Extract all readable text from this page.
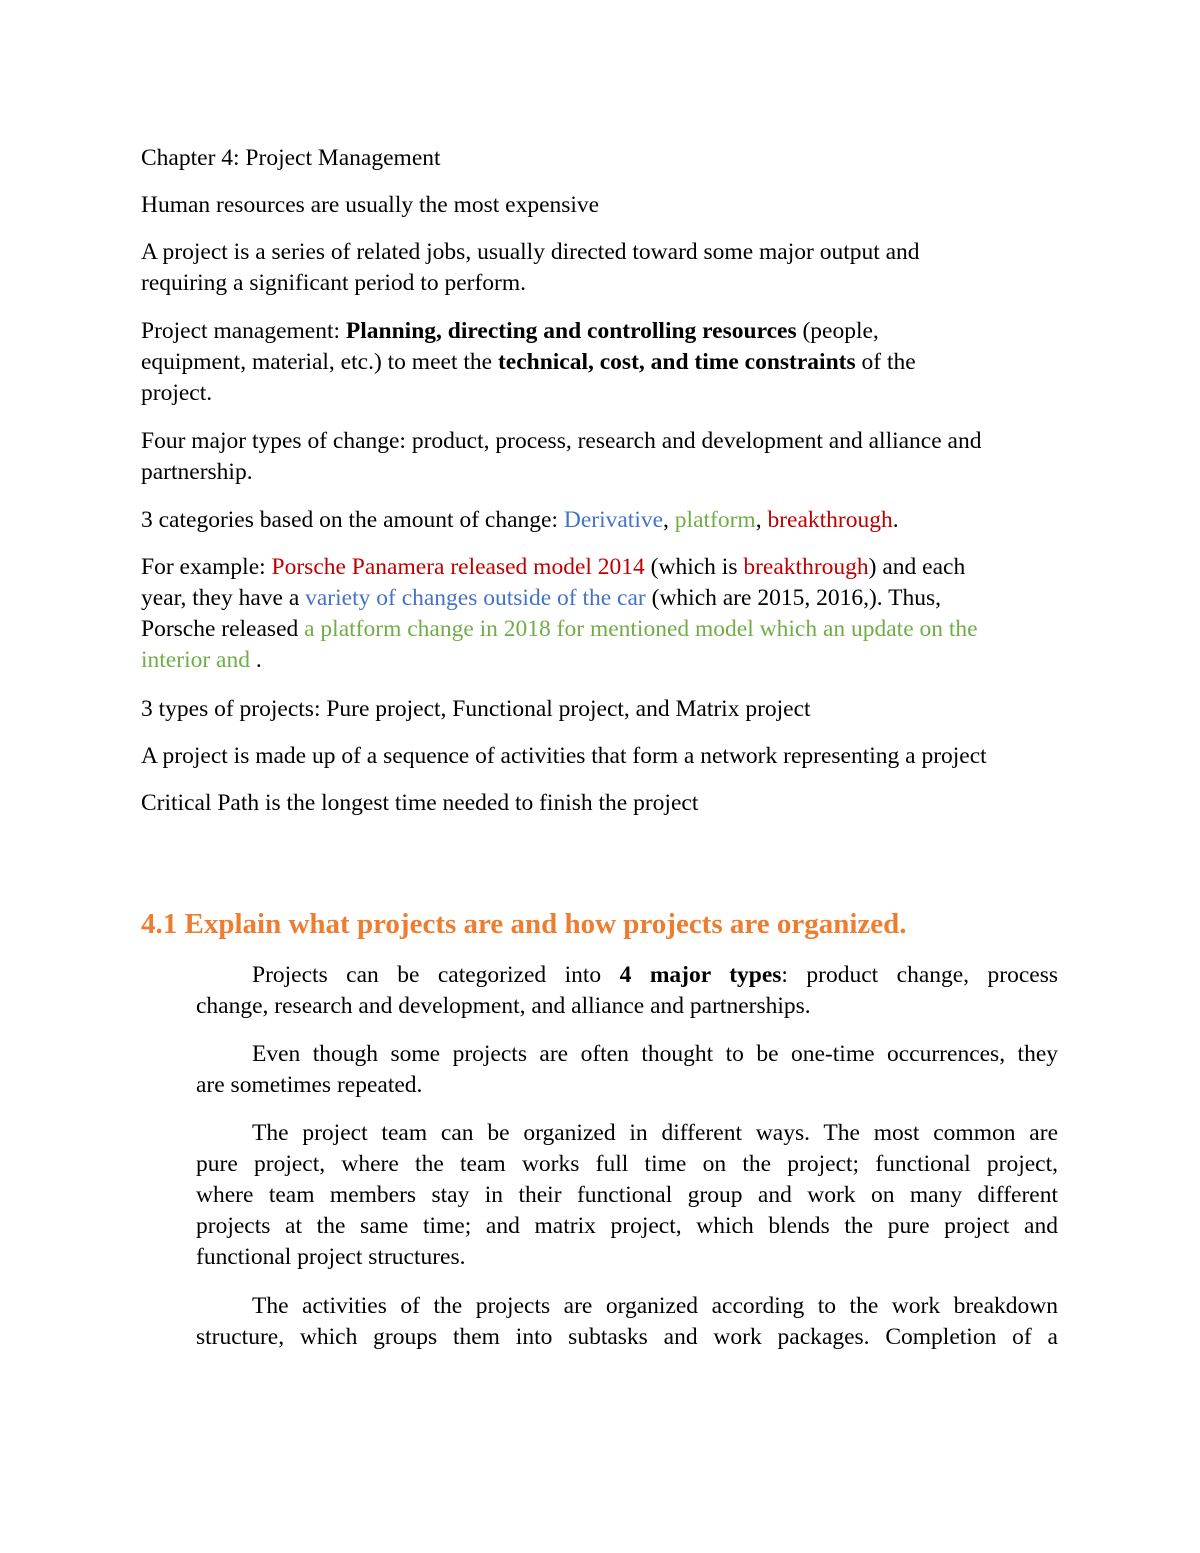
Chapter 4: Project Management

Human resources are usually the most expensive

A project is a series of related jobs, usually directed toward some major output and
requiring a significant period to perform.

Project management: Planning, directing and controlling resources (people,
equipment, material, etc.) to meet the technical, cost, and time constraints of the
project.

Four major types of change: product, process, research and development and alliance and
partnership.

3 categories based on the amount of change: Derivative, platform, breakthrough.

For example: Porsche Panamera released model 2014 (which is breakthrough) and each
year, they have a variety of changes outside of the car (which are 2015, 2016,). Thus,
Porsche released a platform change in 2018 for mentioned model which an update on the
interior and .

3 types of projects: Pure project, Functional project, and Matrix project

A project is made up of a sequence of activities that form a network representing a project

Critical Path is the longest time needed to finish the project

4.1 Explain what projects are and how projects are organized.

Projects can be categorized into 4 major types: product change, process
change, research and development, and alliance and partnerships.

Even though some projects are often thought to be one-time occurrences, they
are sometimes repeated.

The project team can be organized in different ways. The most common are
pure project, where the team works full time on the project; functional project,
where team members stay in their functional group and work on many different
projects at the same time; and matrix project, which blends the pure project and
functional project structures.

The activities of the projects are organized according to the work breakdown
structure, which groups them into subtasks and work packages. Completion of a
